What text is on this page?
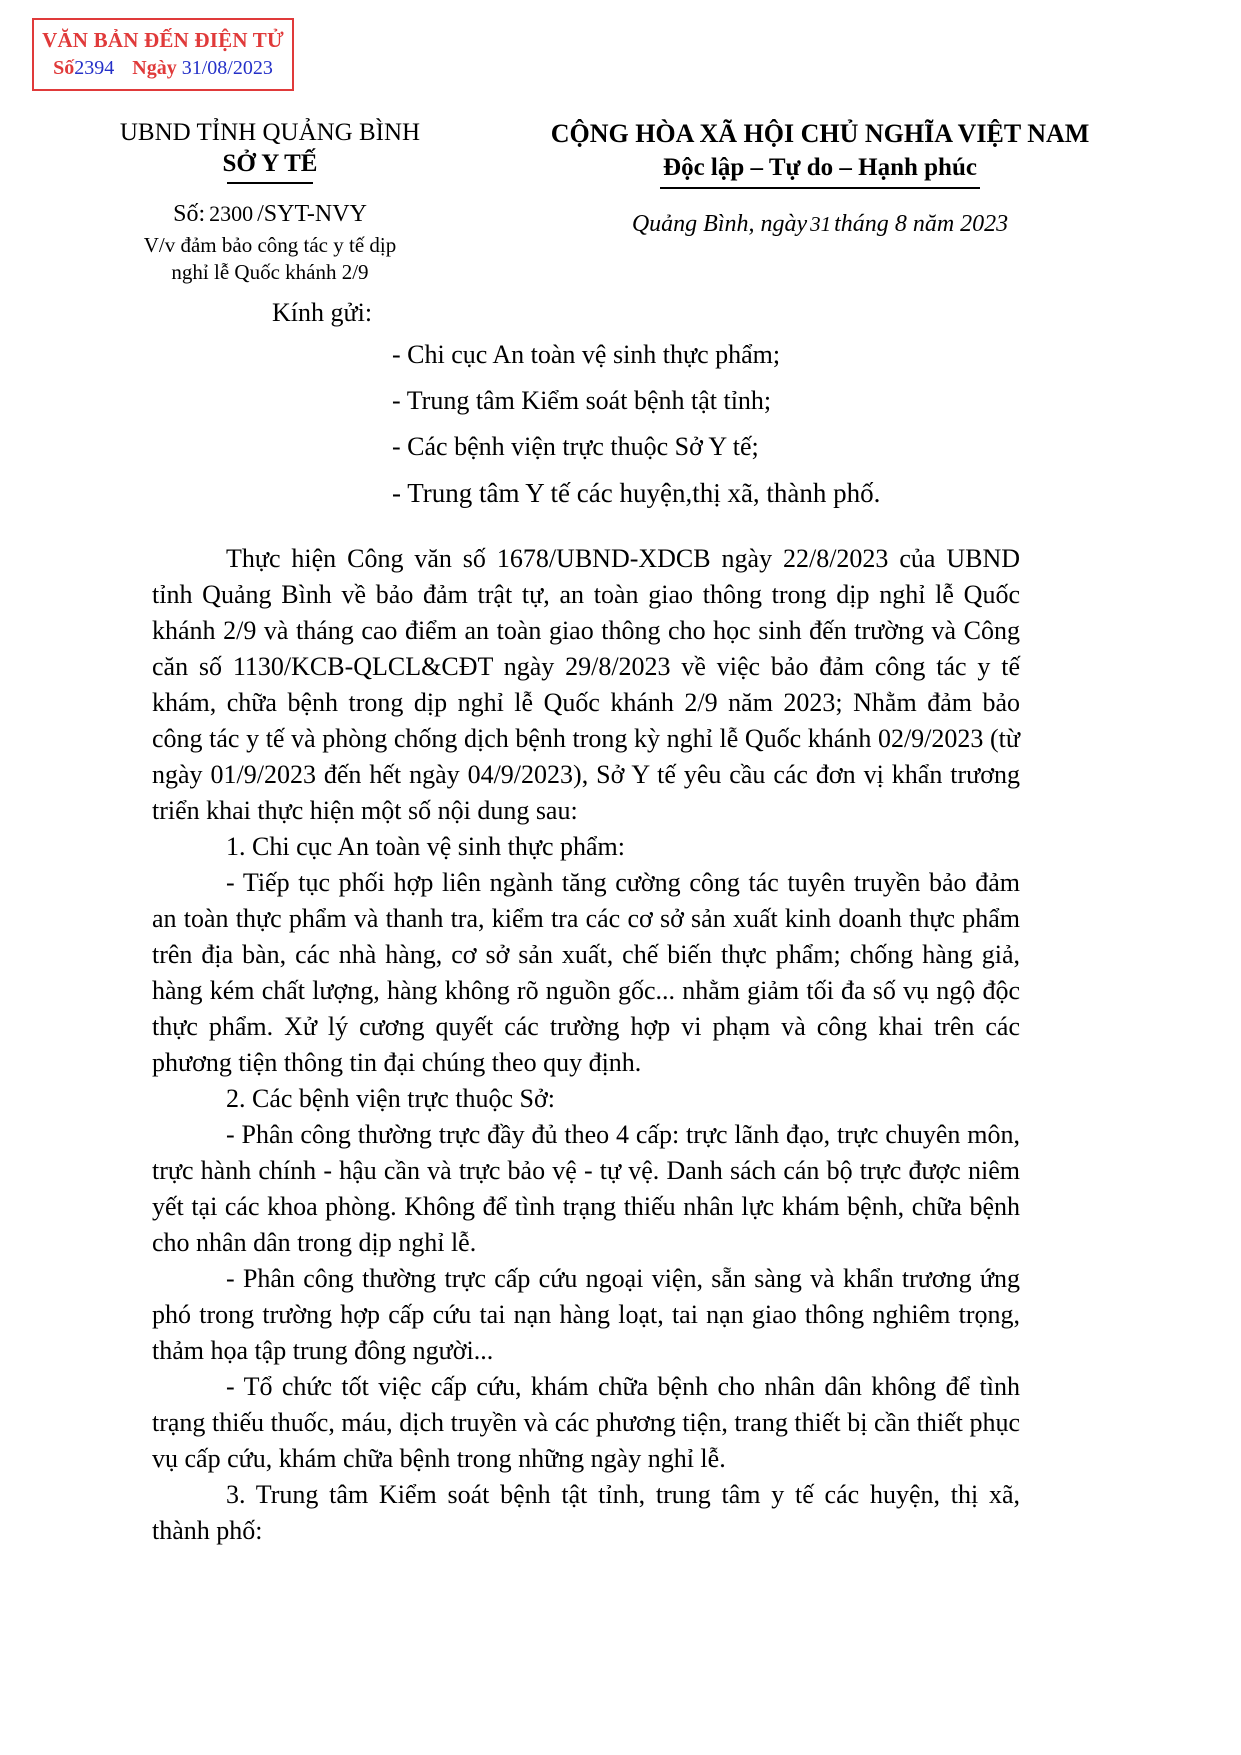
VĂN BẢN ĐẾN ĐIỆN TỬ
Số2394 Ngày 31/08/2023
UBND TỈNH QUẢNG BÌNH
SỞ Y TẾ
Số: 2300 /SYT-NVY
V/v đảm bảo công tác y tế dịp
nghỉ lễ Quốc khánh 2/9
CỘNG HÒA XÃ HỘI CHỦ NGHĨA VIỆT NAM
Độc lập – Tự do – Hạnh phúc
Quảng Bình, ngày 31 tháng 8 năm 2023
Kính gửi:
- Chi cục An toàn vệ sinh thực phẩm;
- Trung tâm Kiểm soát bệnh tật tỉnh;
- Các bệnh viện trực thuộc Sở Y tế;
- Trung tâm Y tế các huyện,thị xã, thành phố.

Thực hiện Công văn số 1678/UBND-XDCB ngày 22/8/2023 của UBND tỉnh Quảng Bình về bảo đảm trật tự, an toàn giao thông trong dịp nghỉ lễ Quốc khánh 2/9 và tháng cao điểm an toàn giao thông cho học sinh đến trường và Công căn số 1130/KCB-QLCL&CĐT ngày 29/8/2023 về việc bảo đảm công tác y tế khám, chữa bệnh trong dịp nghỉ lễ Quốc khánh 2/9 năm 2023; Nhằm đảm bảo công tác y tế và phòng chống dịch bệnh trong kỳ nghỉ lễ Quốc khánh 02/9/2023 (từ ngày 01/9/2023 đến hết ngày 04/9/2023), Sở Y tế yêu cầu các đơn vị khẩn trương triển khai thực hiện một số nội dung sau:

1. Chi cục An toàn vệ sinh thực phẩm:

- Tiếp tục phối hợp liên ngành tăng cường công tác tuyên truyền bảo đảm an toàn thực phẩm và thanh tra, kiểm tra các cơ sở sản xuất kinh doanh thực phẩm trên địa bàn, các nhà hàng, cơ sở sản xuất, chế biến thực phẩm; chống hàng giả, hàng kém chất lượng, hàng không rõ nguồn gốc... nhằm giảm tối đa số vụ ngộ độc thực phẩm. Xử lý cương quyết các trường hợp vi phạm và công khai trên các phương tiện thông tin đại chúng theo quy định.

2. Các bệnh viện trực thuộc Sở:

- Phân công thường trực đầy đủ theo 4 cấp: trực lãnh đạo, trực chuyên môn, trực hành chính - hậu cần và trực bảo vệ - tự vệ. Danh sách cán bộ trực được niêm yết tại các khoa phòng. Không để tình trạng thiếu nhân lực khám bệnh, chữa bệnh cho nhân dân trong dịp nghỉ lễ.

- Phân công thường trực cấp cứu ngoại viện, sẵn sàng và khẩn trương ứng phó trong trường hợp cấp cứu tai nạn hàng loạt, tai nạn giao thông nghiêm trọng, thảm họa tập trung đông người...

- Tổ chức tốt việc cấp cứu, khám chữa bệnh cho nhân dân không để tình trạng thiếu thuốc, máu, dịch truyền và các phương tiện, trang thiết bị cần thiết phục vụ cấp cứu, khám chữa bệnh trong những ngày nghỉ lễ.

3. Trung tâm Kiểm soát bệnh tật tỉnh, trung tâm y tế các huyện, thị xã, thành phố:
